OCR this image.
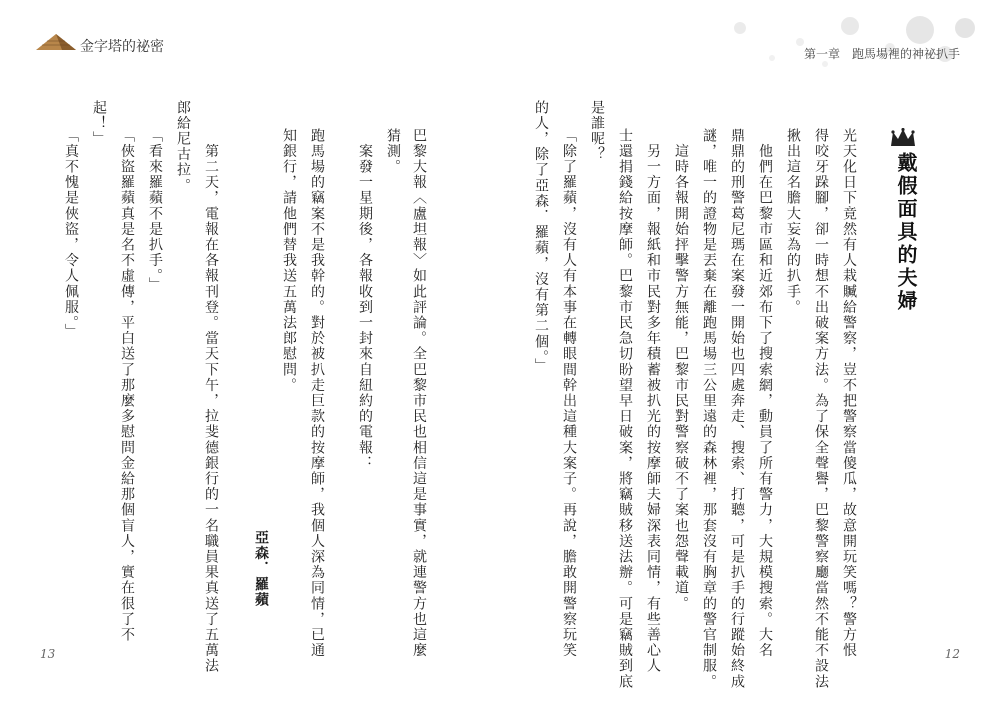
金字塔的祕密
巴黎大報〈盧坦報〉如此評論。全巴黎市民也相信這是事實，就連警方也這麼
猜測。
　案發一星期後，各報收到一封來自紐約的電報：
跑馬場的竊案不是我幹的。對於被扒走巨款的按摩師，我個人深為同情，已通
知銀行，請他們替我送五萬法郎慰問。
亞森．羅蘋
　第二天，電報在各報刊登。當天下午，拉斐德銀行的一名職員果真送了五萬法
郎給尼古拉。
「看來羅蘋不是扒手。」
「俠盜羅蘋真是名不虛傳，平白送了那麼多慰問金給那個盲人，實在很了不
起！」
「真不愧是俠盜，令人佩服。」
13
第一章　跑馬場裡的神祕扒手
戴假面具的夫婦
光天化日下竟然有人栽贓給警察，豈不把警察當傻瓜，故意開玩笑嗎？警方恨
得咬牙跺腳，卻一時想不出破案方法。為了保全聲譽，巴黎警察廳當然不能不設法
揪出這名膽大妄為的扒手。
　他們在巴黎市區和近郊布下了搜索網，動員了所有警力，大規模搜索。大名
鼎鼎的刑警葛尼瑪在案發一開始也四處奔走、搜索、打聽，可是扒手的行蹤始終成
謎，唯一的證物是丟棄在離跑馬場三公里遠的森林裡，那套沒有胸章的警官制服。
　這時各報開始抨擊警方無能，巴黎市民對警察破不了案也怨聲載道。
　另一方面，報紙和市民對多年積蓄被扒光的按摩師夫婦深表同情，有些善心人
士還捐錢給按摩師。巴黎市民急切盼望早日破案，將竊賊移送法辦。可是竊賊到底
是誰呢？
「除了羅蘋，沒有人有本事在轉眼間幹出這種大案子。再說，膽敢開警察玩笑
的人，除了亞森．羅蘋，沒有第二個。」
12
